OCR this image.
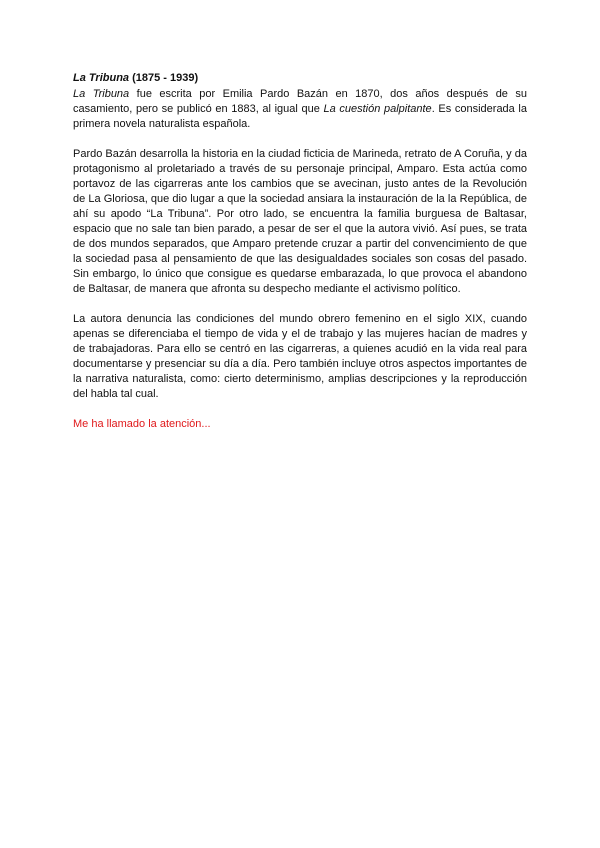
La Tribuna (1875 - 1939)

La Tribuna fue escrita por Emilia Pardo Bazán en 1870, dos años después de su casamiento, pero se publicó en 1883, al igual que La cuestión palpitante. Es considerada la primera novela naturalista española.

Pardo Bazán desarrolla la historia en la ciudad ficticia de Marineda, retrato de A Coruña, y da protagonismo al proletariado a través de su personaje principal, Amparo. Esta actúa como portavoz de las cigarreras ante los cambios que se avecinan, justo antes de la Revolución de La Gloriosa, que dio lugar a que la sociedad ansiara la instauración de la la República, de ahí su apodo “La Tribuna”. Por otro lado, se encuentra la familia burguesa de Baltasar, espacio que no sale tan bien parado, a pesar de ser el que la autora vivió. Así pues, se trata de dos mundos separados, que Amparo pretende cruzar a partir del convencimiento de que la sociedad pasa al pensamiento de que las desigualdades sociales son cosas del pasado. Sin embargo, lo único que consigue es quedarse embarazada, lo que provoca el abandono de Baltasar, de manera que afronta su despecho mediante el activismo político.

La autora denuncia las condiciones del mundo obrero femenino en el siglo XIX, cuando apenas se diferenciaba el tiempo de vida y el de trabajo y las mujeres hacían de madres y de trabajadoras. Para ello se centró en las cigarreras, a quienes acudió en la vida real para documentarse y presenciar su día a día. Pero también incluye otros aspectos importantes de la narrativa naturalista, como: cierto determinismo, amplias descripciones y la reproducción del habla tal cual.

Me ha llamado la atención...
